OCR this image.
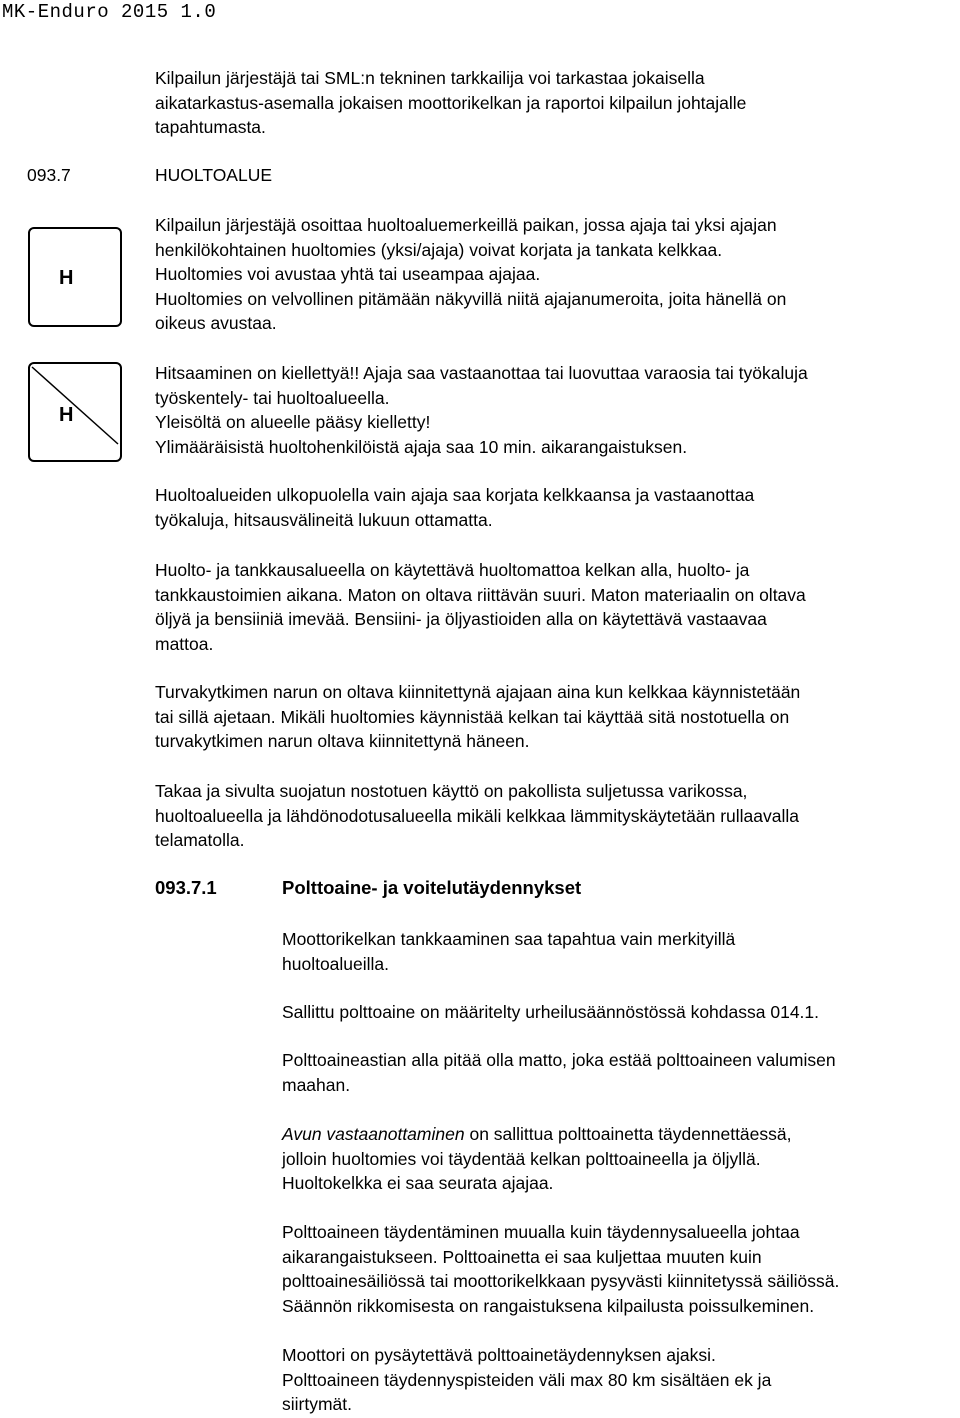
MK-Enduro 2015 1.0
Kilpailun järjestäjä tai SML:n tekninen tarkkailija voi tarkastaa jokaisella
aikatarkastus-asemalla jokaisen moottorikelkan ja raportoi kilpailun johtajalle
tapahtumasta.
093.7	HUOLTOALUE
H
H
Kilpailun järjestäjä osoittaa huoltoaluemerkeillä paikan, jossa ajaja tai yksi ajajan
henkilökohtainen huoltomies (yksi/ajaja) voivat korjata ja tankata kelkkaa.
Huoltomies voi avustaa yhtä tai useampaa ajajaa.
Huoltomies on velvollinen pitämään näkyvillä niitä ajajanumeroita, joita hänellä on
oikeus avustaa.
Hitsaaminen on kiellettyä!! Ajaja saa vastaanottaa tai luovuttaa varaosia tai työkaluja
työskentely- tai huoltoalueella.
Yleisöltä on alueelle pääsy kielletty!
Ylimääräisistä huoltohenkilöistä ajaja saa 10 min. aikarangaistuksen.
Huoltoalueiden ulkopuolella vain ajaja saa korjata kelkkaansa ja vastaanottaa
työkaluja, hitsausvälineitä lukuun ottamatta.
Huolto- ja tankkausalueella on käytettävä huoltomattoa kelkan alla, huolto- ja
tankkaustoimien aikana. Maton on oltava riittävän suuri. Maton materiaalin on oltava
öljyä ja bensiiniä imevää. Bensiini- ja öljyastioiden alla on käytettävä vastaavaa
mattoa.
Turvakytkimen narun on oltava kiinnitettynä ajajaan aina kun kelkkaa käynnistetään
tai sillä ajetaan. Mikäli huoltomies käynnistää kelkan tai käyttää sitä nostotuella on
turvakytkimen narun oltava kiinnitettynä häneen.
Takaa ja sivulta suojatun nostotuen käyttö on pakollista suljetussa varikossa,
huoltoalueella ja lähdönodotusalueella mikäli kelkkaa lämmityskäytetään rullaavalla
telamatolla.
093.7.1	Polttoaine- ja voitelutäydennykset
Moottorikelkan tankkaaminen saa tapahtua vain merkityillä
huoltoalueilla.
Sallittu polttoaine on määritelty urheilusäännöstössä kohdassa 014.1.
Polttoaineastian alla pitää olla matto, joka estää polttoaineen valumisen
maahan.
Avun vastaanottaminen on sallittua polttoainetta täydennettäessä,
jolloin huoltomies voi täydentää kelkan polttoaineella ja öljyllä.
Huoltokelkka ei saa seurata ajajaa.
Polttoaineen täydentäminen muualla kuin täydennysalueella johtaa
aikarangaistukseen. Polttoainetta ei saa kuljettaa muuten kuin
polttoainesäiliössä tai moottorikelkkaan pysyvästi kiinnitetyssä säiliössä.
Säännön rikkomisesta on rangaistuksena kilpailusta poissulkeminen.
Moottori on pysäytettävä polttoainetäydennyksen ajaksi.
Polttoaineen täydennyspisteiden väli max 80 km sisältäen ek ja
siirtymät.
